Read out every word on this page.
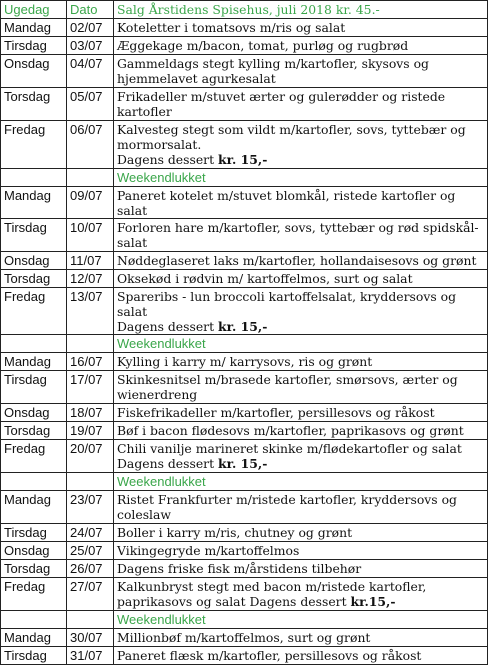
Ugedag	Dato	Salg Årstidens Spisehus, juli 2018 kr. 45.-
Mandag	02/07	Koteletter i tomatsovs m/ris og salat
Tirsdag	03/07	Æggekage m/bacon, tomat, purløg og rugbrød
Onsdag	04/07	Gammeldags stegt kylling m/kartofler, skysovs og hjemmelavet agurkesalat
Torsdag	05/07	Frikadeller m/stuvet ærter og gulerødder og ristede kartofler
Fredag	06/07	Kalvesteg stegt som vildt m/kartofler, sovs, tyttebær og mormorsalat.
Dagens dessert kr. 15,-
		Weekendlukket
Mandag	09/07	Paneret kotelet m/stuvet blomkål, ristede kartofler og salat
Tirsdag	10/07	Forloren hare m/kartofler, sovs, tyttebær og rød spidskål-salat
Onsdag	11/07	Nøddeglaseret laks m/kartofler, hollandaisesovs og grønt
Torsdag	12/07	Oksekød i rødvin m/ kartoffelmos, surt og salat
Fredag	13/07	Spareribs - lun broccoli kartoffelsalat, kryddersovs og salat
Dagens dessert kr. 15,-
		Weekendlukket
Mandag	16/07	Kylling i karry m/ karrysovs, ris og grønt
Tirsdag	17/07	Skinkesnitsel m/brasede kartofler, smørsovs, ærter og wienerdreng
Onsdag	18/07	Fiskefrikadeller m/kartofler, persillesovs og råkost
Torsdag	19/07	Bøf i bacon flødesovs m/kartofler, paprikasovs og grønt
Fredag	20/07	Chili vanilje marineret skinke m/flødekartofler og salat
Dagens dessert kr. 15,-
		Weekendlukket
Mandag	23/07	Ristet Frankfurter m/ristede kartofler, kryddersovs og coleslaw
Tirsdag	24/07	Boller i karry m/ris, chutney og grønt
Onsdag	25/07	Vikingegryde m/kartoffelmos
Torsdag	26/07	Dagens friske fisk m/årstidens tilbehør
Fredag	27/07	Kalkunbryst stegt med bacon m/ristede kartofler, paprikasovs og salat Dagens dessert kr.15,-
		Weekendlukket
Mandag	30/07	Millionbøf m/kartoffelmos, surt og grønt
Tirsdag	31/07	Paneret flæsk m/kartofler, persillesovs og råkost
